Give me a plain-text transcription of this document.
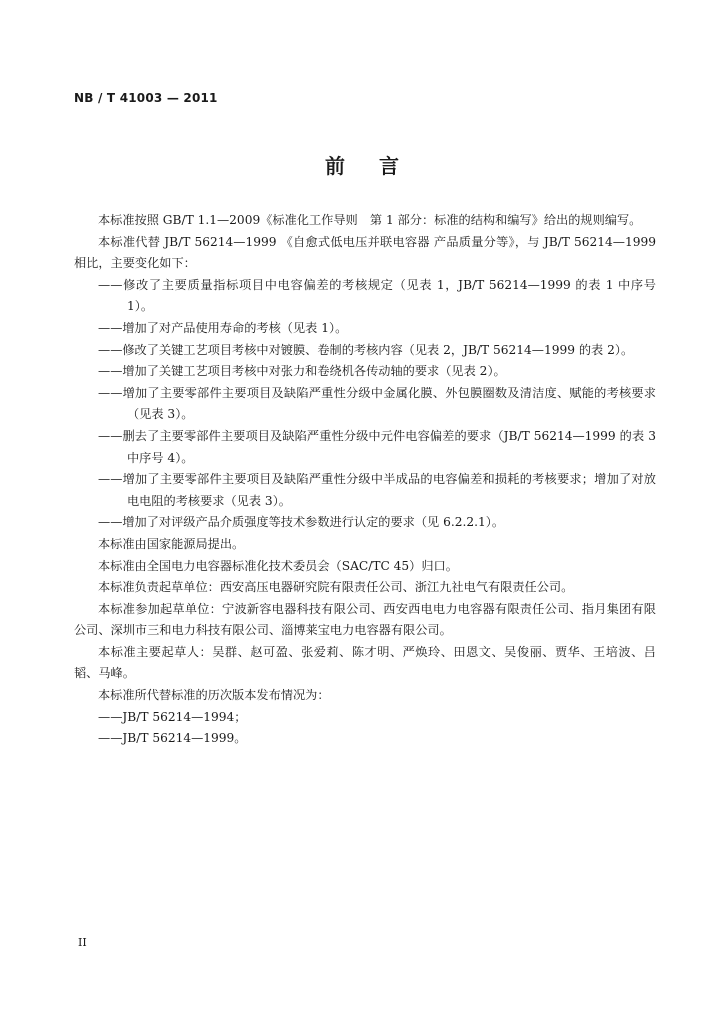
NB / T 41003 — 2011
前言

本标准按照 GB/T 1.1—2009《标准化工作导则　第 1 部分：标准的结构和编写》给出的规则编写。

本标准代替 JB/T 56214—1999 《自愈式低电压并联电容器 产品质量分等》，与 JB/T 56214—1999 相比，主要变化如下：

——修改了主要质量指标项目中电容偏差的考核规定（见表 1，JB/T 56214—1999 的表 1 中序号 1）。

——增加了对产品使用寿命的考核（见表 1）。

——修改了关键工艺项目考核中对镀膜、卷制的考核内容（见表 2，JB/T 56214—1999 的表 2）。

——增加了关键工艺项目考核中对张力和卷绕机各传动轴的要求（见表 2）。

——增加了主要零部件主要项目及缺陷严重性分级中金属化膜、外包膜圈数及清洁度、赋能的考核要求（见表 3）。

——删去了主要零部件主要项目及缺陷严重性分级中元件电容偏差的要求（JB/T 56214—1999 的表 3 中序号 4）。

——增加了主要零部件主要项目及缺陷严重性分级中半成品的电容偏差和损耗的考核要求；增加了对放电电阻的考核要求（见表 3）。

——增加了对评级产品介质强度等技术参数进行认定的要求（见 6.2.2.1）。

本标准由国家能源局提出。

本标准由全国电力电容器标准化技术委员会（SAC/TC 45）归口。

本标准负责起草单位：西安高压电器研究院有限责任公司、浙江九社电气有限责任公司。

本标准参加起草单位：宁波新容电器科技有限公司、西安西电电力电容器有限责任公司、指月集团有限公司、深圳市三和电力科技有限公司、淄博莱宝电力电容器有限公司。

本标准主要起草人：吴群、赵可盈、张爱莉、陈才明、严焕玲、田恩文、吴俊丽、贾华、王培波、吕韬、马峰。

本标准所代替标准的历次版本发布情况为：

——JB/T 56214—1994；

——JB/T 56214—1999。

II
